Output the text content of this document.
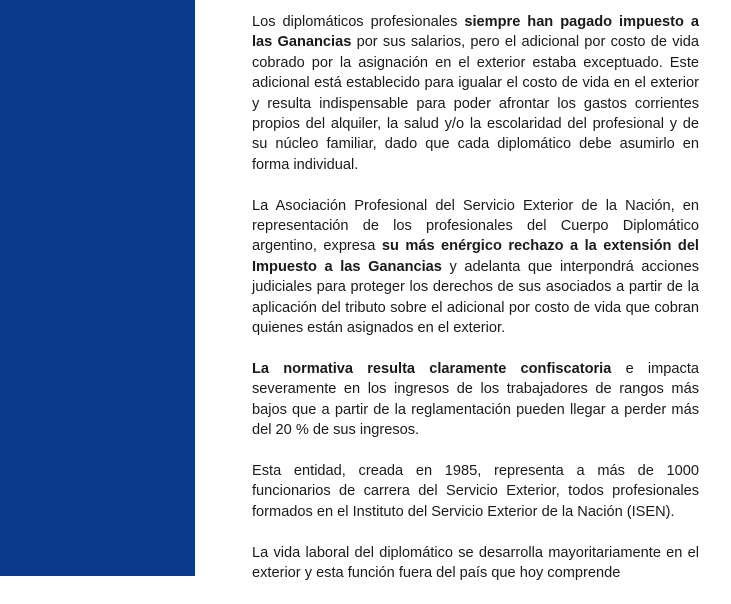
Los diplomáticos profesionales siempre han pagado impuesto a las Ganancias por sus salarios, pero el adicional por costo de vida cobrado por la asignación en el exterior estaba exceptuado. Este adicional está establecido para igualar el costo de vida en el exterior y resulta indispensable para poder afrontar los gastos corrientes propios del alquiler, la salud y/o la escolaridad del profesional y de su núcleo familiar, dado que cada diplomático debe asumirlo en forma individual.

La Asociación Profesional del Servicio Exterior de la Nación, en representación de los profesionales del Cuerpo Diplomático argentino, expresa su más enérgico rechazo a la extensión del Impuesto a las Ganancias y adelanta que interpondrá acciones judiciales para proteger los derechos de sus asociados a partir de la aplicación del tributo sobre el adicional por costo de vida que cobran quienes están asignados en el exterior.

La normativa resulta claramente confiscatoria e impacta severamente en los ingresos de los trabajadores de rangos más bajos que a partir de la reglamentación pueden llegar a perder más del 20 % de sus ingresos.

Esta entidad, creada en 1985, representa a más de 1000 funcionarios de carrera del Servicio Exterior, todos profesionales formados en el Instituto del Servicio Exterior de la Nación (ISEN).

La vida laboral del diplomático se desarrolla mayoritariamente en el exterior y esta función fuera del país que hoy comprende
